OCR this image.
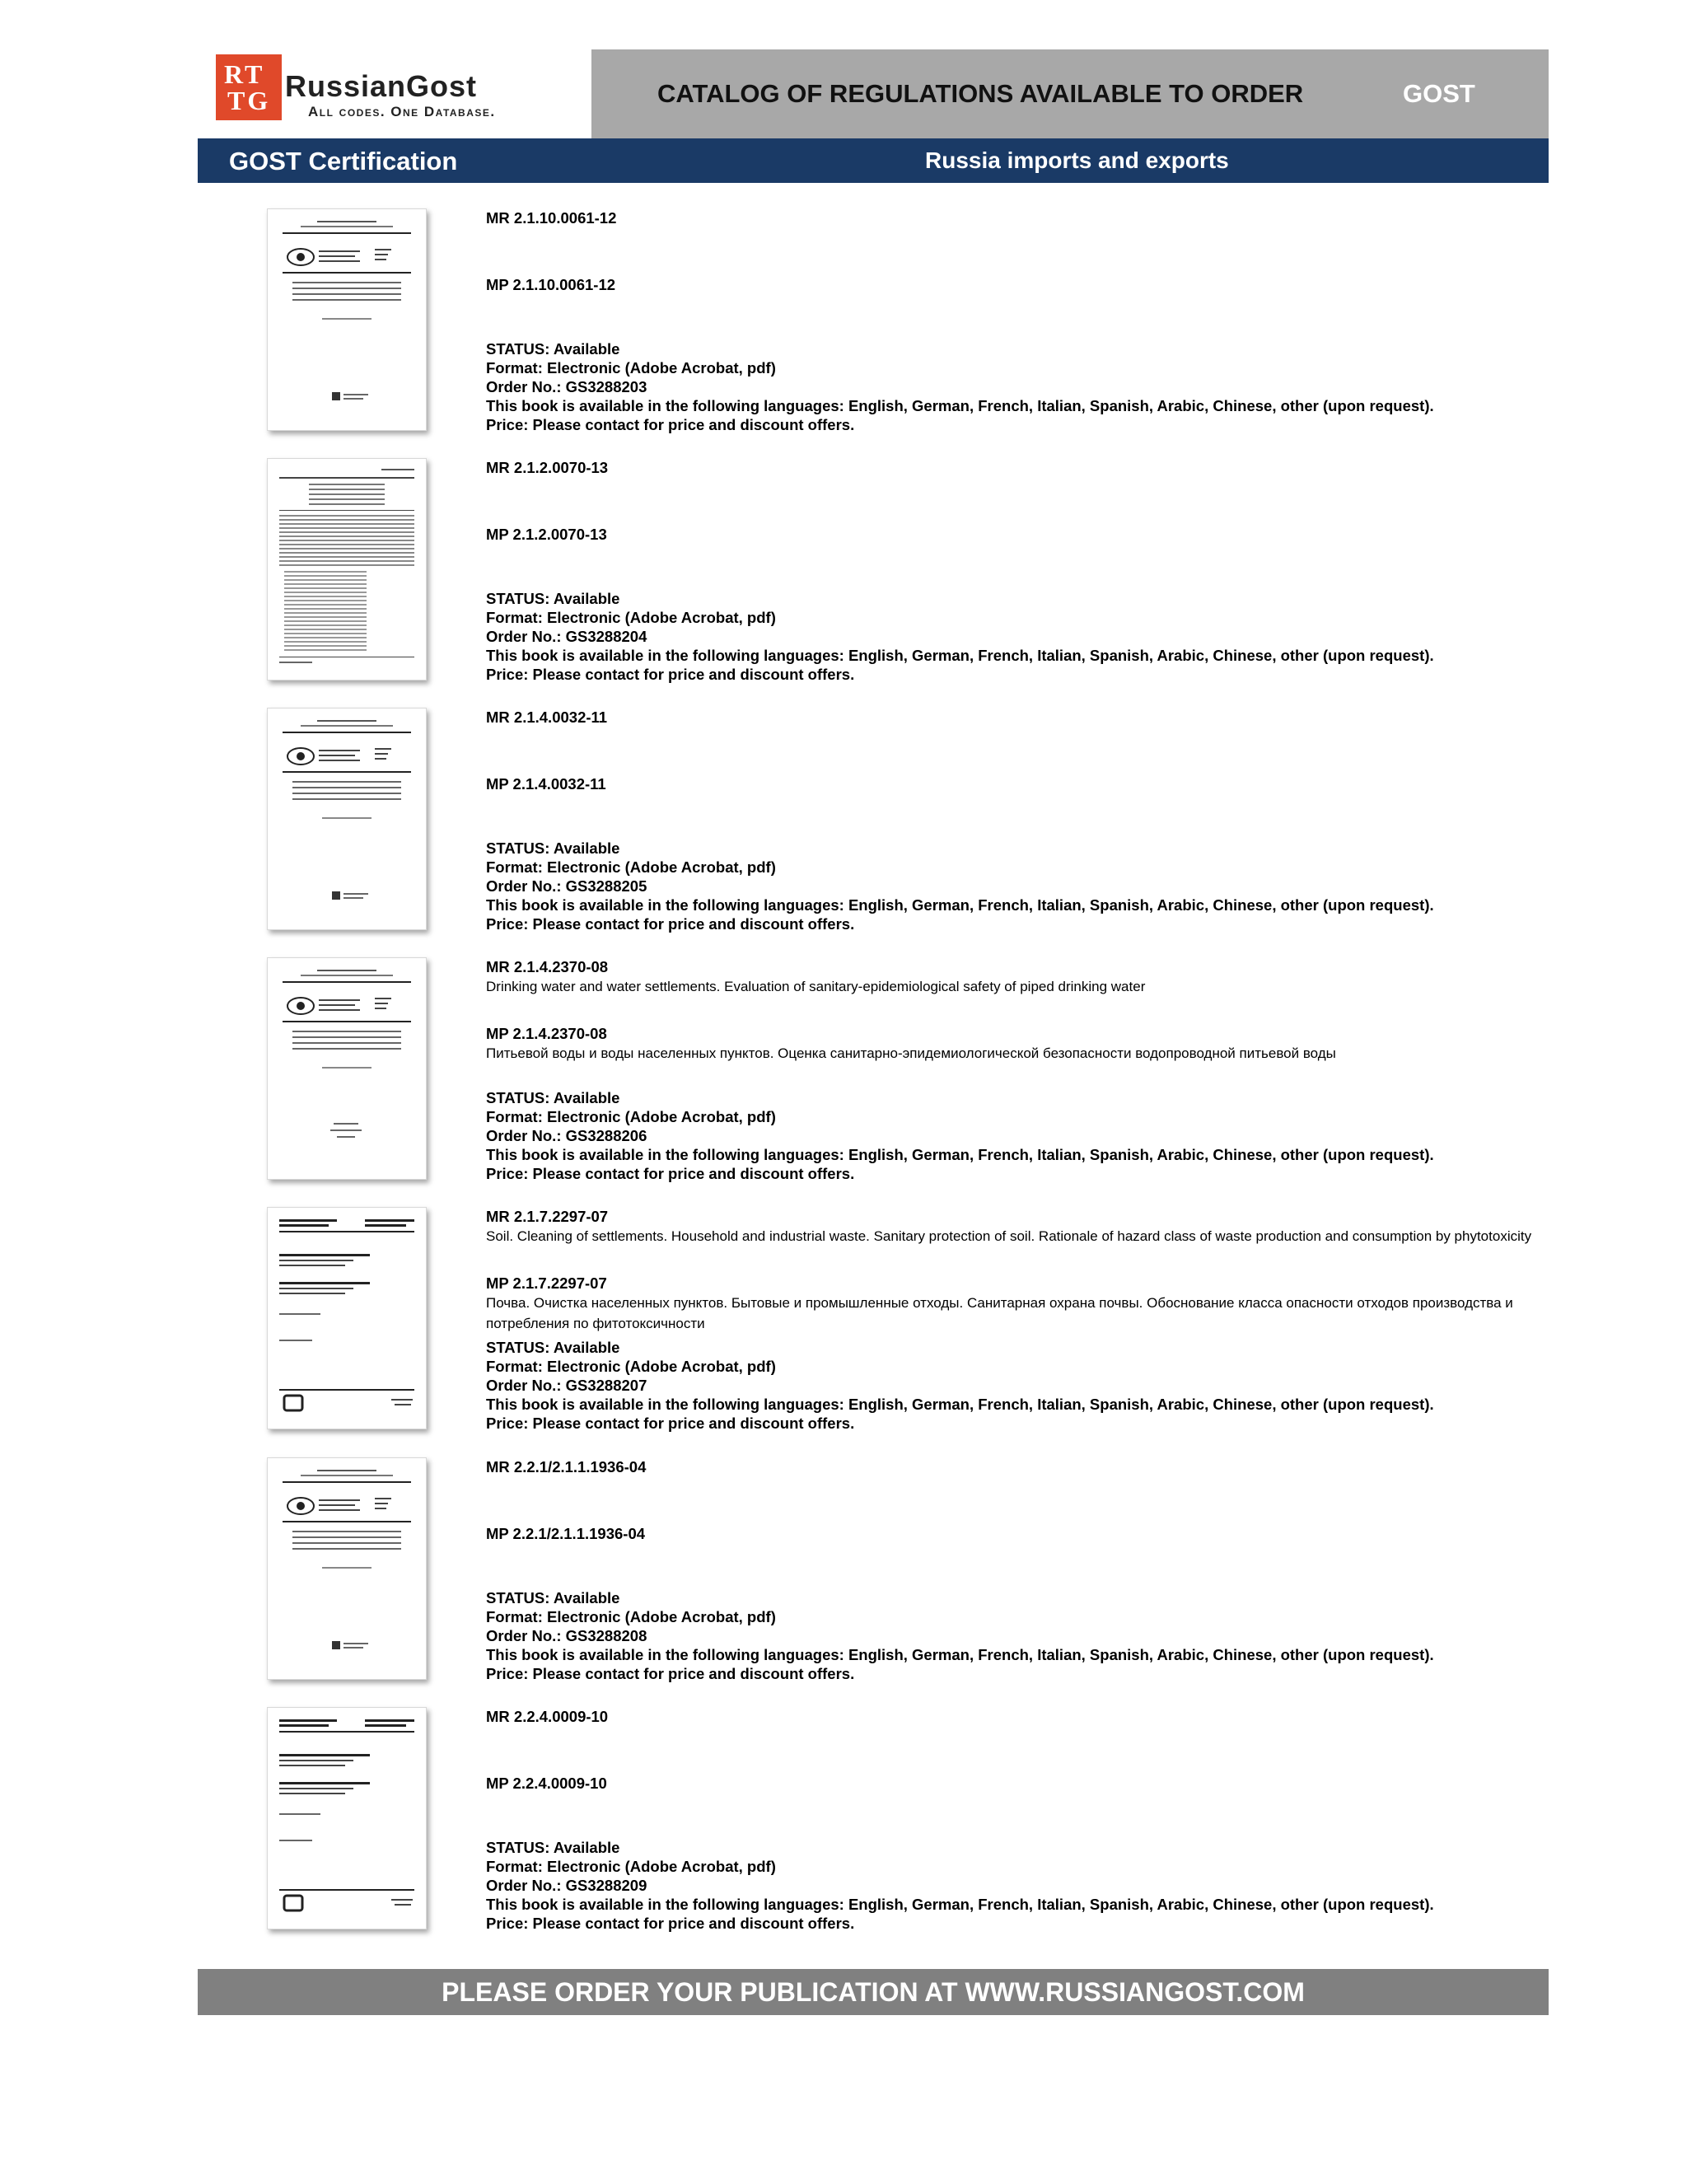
RT
TG RussianGost
All codes. One Database.
CATALOG OF REGULATIONS AVAILABLE TO ORDER	GOST
GOST Certification	Russia imports and exports
MR 2.1.10.0061-12
MP 2.1.10.0061-12
STATUS: Available
Format: Electronic (Adobe Acrobat, pdf)
Order No.: GS3288203
This book is available in the following languages: English, German, French, Italian, Spanish, Arabic, Chinese, other (upon request).
Price: Please contact for price and discount offers.
MR 2.1.2.0070-13
MP 2.1.2.0070-13
STATUS: Available
Format: Electronic (Adobe Acrobat, pdf)
Order No.: GS3288204
This book is available in the following languages: English, German, French, Italian, Spanish, Arabic, Chinese, other (upon request).
Price: Please contact for price and discount offers.
MR 2.1.4.0032-11
MP 2.1.4.0032-11
STATUS: Available
Format: Electronic (Adobe Acrobat, pdf)
Order No.: GS3288205
This book is available in the following languages: English, German, French, Italian, Spanish, Arabic, Chinese, other (upon request).
Price: Please contact for price and discount offers.
MR 2.1.4.2370-08
Drinking water and water settlements. Evaluation of sanitary-epidemiological safety of piped drinking water
MP 2.1.4.2370-08
Питьевой воды и воды населенных пунктов. Оценка санитарно-эпидемиологической безопасности водопроводной питьевой воды
STATUS: Available
Format: Electronic (Adobe Acrobat, pdf)
Order No.: GS3288206
This book is available in the following languages: English, German, French, Italian, Spanish, Arabic, Chinese, other (upon request).
Price: Please contact for price and discount offers.
MR 2.1.7.2297-07
Soil. Cleaning of settlements. Household and industrial waste. Sanitary protection of soil. Rationale of hazard class of waste production and consumption by phytotoxicity
MP 2.1.7.2297-07
Почва. Очистка населенных пунктов. Бытовые и промышленные отходы. Санитарная охрана почвы. Обоснование класса опасности отходов производства и потребления по фитотоксичности
STATUS: Available
Format: Electronic (Adobe Acrobat, pdf)
Order No.: GS3288207
This book is available in the following languages: English, German, French, Italian, Spanish, Arabic, Chinese, other (upon request).
Price: Please contact for price and discount offers.
MR 2.2.1/2.1.1.1936-04
MP 2.2.1/2.1.1.1936-04
STATUS: Available
Format: Electronic (Adobe Acrobat, pdf)
Order No.: GS3288208
This book is available in the following languages: English, German, French, Italian, Spanish, Arabic, Chinese, other (upon request).
Price: Please contact for price and discount offers.
MR 2.2.4.0009-10
MP 2.2.4.0009-10
STATUS: Available
Format: Electronic (Adobe Acrobat, pdf)
Order No.: GS3288209
This book is available in the following languages: English, German, French, Italian, Spanish, Arabic, Chinese, other (upon request).
Price: Please contact for price and discount offers.
PLEASE ORDER YOUR PUBLICATION AT WWW.RUSSIANGOST.COM
